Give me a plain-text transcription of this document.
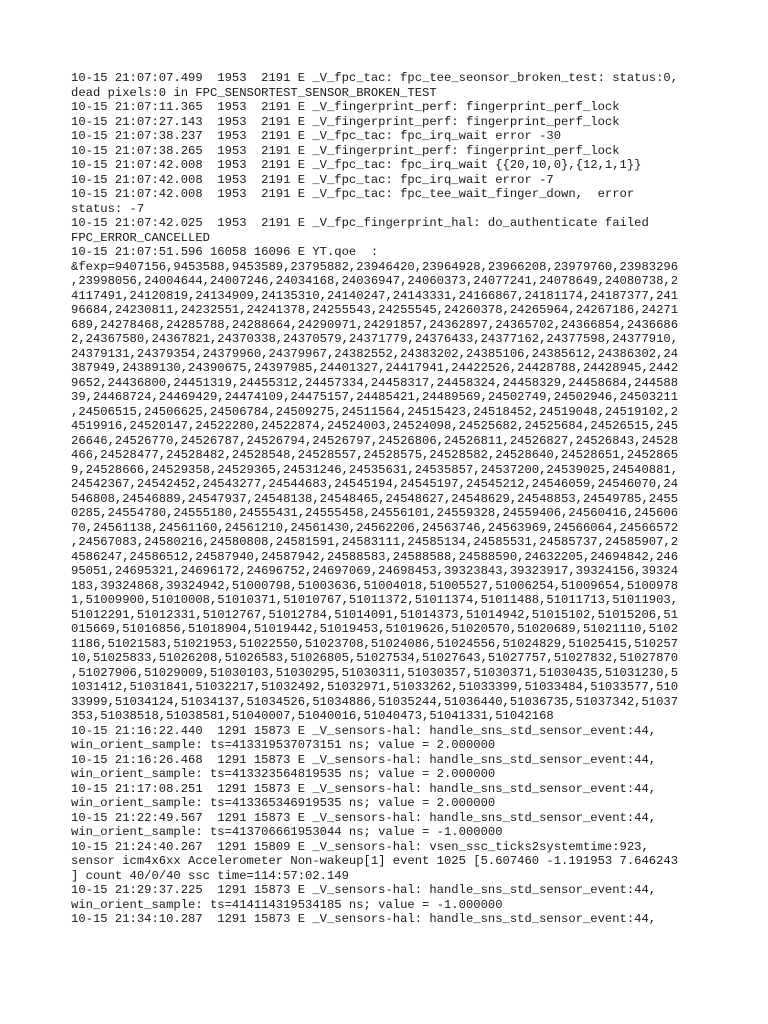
10-15 21:07:07.499  1953  2191 E _V_fpc_tac: fpc_tee_seonsor_broken_test: status:0,
dead pixels:0 in FPC_SENSORTEST_SENSOR_BROKEN_TEST
10-15 21:07:11.365  1953  2191 E _V_fingerprint_perf: fingerprint_perf_lock
10-15 21:07:27.143  1953  2191 E _V_fingerprint_perf: fingerprint_perf_lock
10-15 21:07:38.237  1953  2191 E _V_fpc_tac: fpc_irq_wait error -30
10-15 21:07:38.265  1953  2191 E _V_fingerprint_perf: fingerprint_perf_lock
10-15 21:07:42.008  1953  2191 E _V_fpc_tac: fpc_irq_wait {{20,10,0},{12,1,1}}
10-15 21:07:42.008  1953  2191 E _V_fpc_tac: fpc_irq_wait error -7
10-15 21:07:42.008  1953  2191 E _V_fpc_tac: fpc_tee_wait_finger_down,  error
status: -7
10-15 21:07:42.025  1953  2191 E _V_fpc_fingerprint_hal: do_authenticate failed
FPC_ERROR_CANCELLED
10-15 21:07:51.596 16058 16096 E YT.qoe  :
&fexp=9407156,9453588,9453589,23795882,23946420,23964928,23966208,23979760,23983296
,23998056,24004644,24007246,24034168,24036947,24060373,24077241,24078649,24080738,2
4117491,24120819,24134909,24135310,24140247,24143331,24166867,24181174,24187377,241
96684,24230811,24232551,24241378,24255543,24255545,24260378,24265964,24267186,24271
689,24278468,24285788,24288664,24290971,24291857,24362897,24365702,24366854,2436686
2,24367580,24367821,24370338,24370579,24371779,24376433,24377162,24377598,24377910,
24379131,24379354,24379960,24379967,24382552,24383202,24385106,24385612,24386302,24
387949,24389130,24390675,24397985,24401327,24417941,24422526,24428788,24428945,2442
9652,24436800,24451319,24455312,24457334,24458317,24458324,24458329,24458684,244588
39,24468724,24469429,24474109,24475157,24485421,24489569,24502749,24502946,24503211
,24506515,24506625,24506784,24509275,24511564,24515423,24518452,24519048,24519102,2
4519916,24520147,24522280,24522874,24524003,24524098,24525682,24525684,24526515,245
26646,24526770,24526787,24526794,24526797,24526806,24526811,24526827,24526843,24528
466,24528477,24528482,24528548,24528557,24528575,24528582,24528640,24528651,2452865
9,24528666,24529358,24529365,24531246,24535631,24535857,24537200,24539025,24540881,
24542367,24542452,24543277,24544683,24545194,24545197,24545212,24546059,24546070,24
546808,24546889,24547937,24548138,24548465,24548627,24548629,24548853,24549785,2455
0285,24554780,24555180,24555431,24555458,24556101,24559328,24559406,24560416,245606
70,24561138,24561160,24561210,24561430,24562206,24563746,24563969,24566064,24566572
,24567083,24580216,24580808,24581591,24583111,24585134,24585531,24585737,24585907,2
4586247,24586512,24587940,24587942,24588583,24588588,24588590,24632205,24694842,246
95051,24695321,24696172,24696752,24697069,24698453,39323843,39323917,39324156,39324
183,39324868,39324942,51000798,51003636,51004018,51005527,51006254,51009654,5100978
1,51009900,51010008,51010371,51010767,51011372,51011374,51011488,51011713,51011903,
51012291,51012331,51012767,51012784,51014091,51014373,51014942,51015102,51015206,51
015669,51016856,51018904,51019442,51019453,51019626,51020570,51020689,51021110,5102
1186,51021583,51021953,51022550,51023708,51024086,51024556,51024829,51025415,510257
10,51025833,51026208,51026583,51026805,51027534,51027643,51027757,51027832,51027870
,51027906,51029009,51030103,51030295,51030311,51030357,51030371,51030435,51031230,5
1031412,51031841,51032217,51032492,51032971,51033262,51033399,51033484,51033577,510
33999,51034124,51034137,51034526,51034886,51035244,51036440,51036735,51037342,51037
353,51038518,51038581,51040007,51040016,51040473,51041331,51042168
10-15 21:16:22.440  1291 15873 E _V_sensors-hal: handle_sns_std_sensor_event:44,
win_orient_sample: ts=413319537073151 ns; value = 2.000000
10-15 21:16:26.468  1291 15873 E _V_sensors-hal: handle_sns_std_sensor_event:44,
win_orient_sample: ts=413323564819535 ns; value = 2.000000
10-15 21:17:08.251  1291 15873 E _V_sensors-hal: handle_sns_std_sensor_event:44,
win_orient_sample: ts=413365346919535 ns; value = 2.000000
10-15 21:22:49.567  1291 15873 E _V_sensors-hal: handle_sns_std_sensor_event:44,
win_orient_sample: ts=413706661953044 ns; value = -1.000000
10-15 21:24:40.267  1291 15809 E _V_sensors-hal: vsen_ssc_ticks2systemtime:923,
sensor icm4x6xx Accelerometer Non-wakeup[1] event 1025 [5.607460 -1.191953 7.646243
] count 40/0/40 ssc time=114:57:02.149
10-15 21:29:37.225  1291 15873 E _V_sensors-hal: handle_sns_std_sensor_event:44,
win_orient_sample: ts=414114319534185 ns; value = -1.000000
10-15 21:34:10.287  1291 15873 E _V_sensors-hal: handle_sns_std_sensor_event:44,
